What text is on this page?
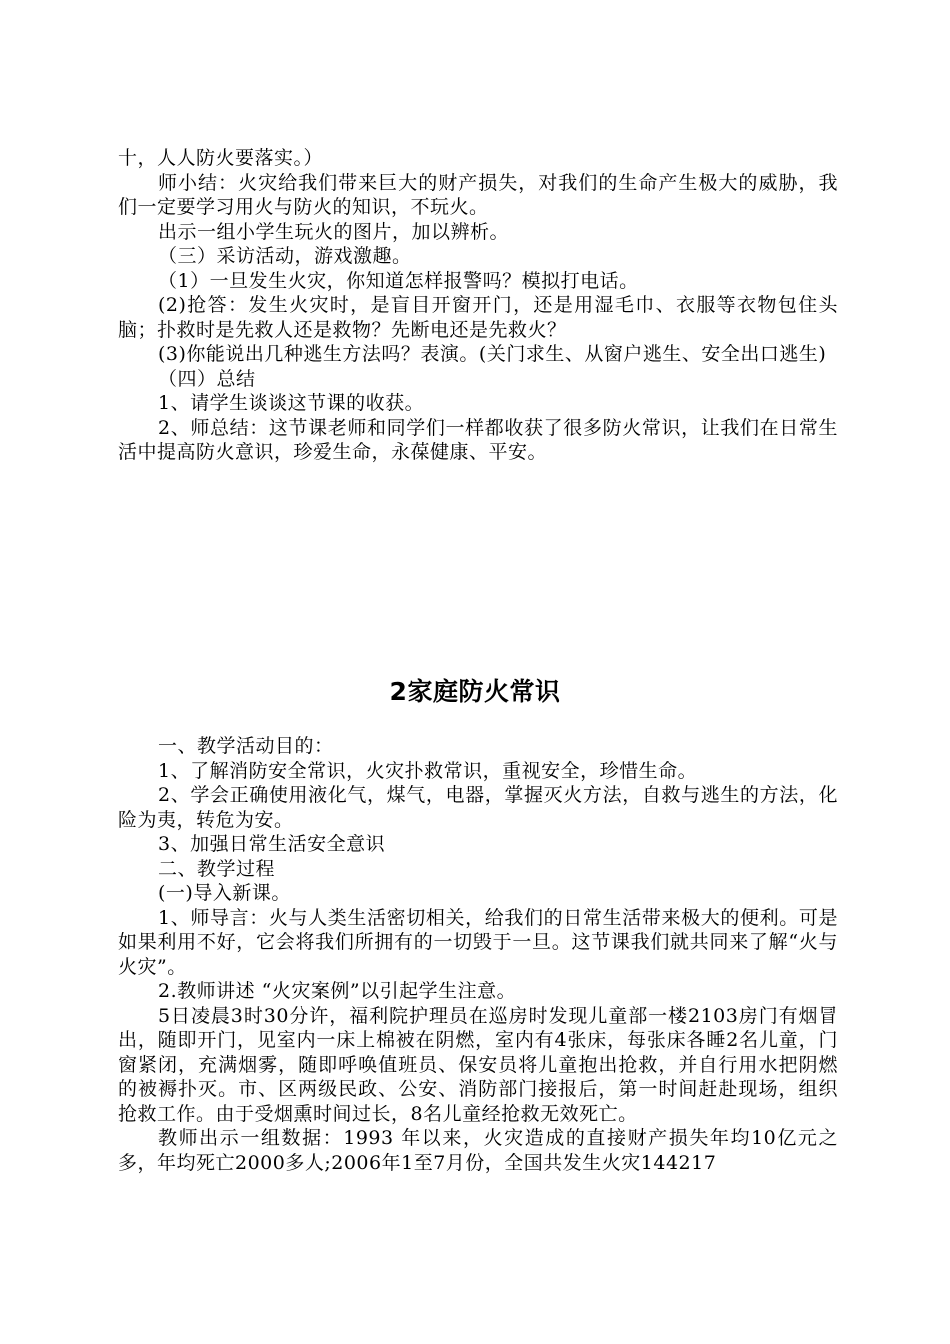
十，人人防火要落实。）

师小结：火灾给我们带来巨大的财产损失，对我们的生命产生极大的威胁，我们一定要学习用火与防火的知识，不玩火。

出示一组小学生玩火的图片，加以辨析。

（三）采访活动，游戏激趣。

（1）一旦发生火灾，你知道怎样报警吗？模拟打电话。

(2)抢答：发生火灾时，是盲目开窗开门，还是用湿毛巾、衣服等衣物包住头脑；扑救时是先救人还是救物？先断电还是先救火？

(3)你能说出几种逃生方法吗？表演。(关门求生、从窗户逃生、安全出口逃生)

（四）总结

1、请学生谈谈这节课的收获。

2、师总结：这节课老师和同学们一样都收获了很多防火常识，让我们在日常生活中提高防火意识，珍爱生命，永葆健康、平安。

2家庭防火常识

一、教学活动目的：

1、了解消防安全常识，火灾扑救常识，重视安全，珍惜生命。

2、学会正确使用液化气，煤气，电器，掌握灭火方法，自救与逃生的方法，化险为夷，转危为安。

3、加强日常生活安全意识

二、教学过程

(一)导入新课。

1、师导言：火与人类生活密切相关，给我们的日常生活带来极大的便利。可是如果利用不好，它会将我们所拥有的一切毁于一旦。这节课我们就共同来了解“火与火灾”。

2.教师讲述 “火灾案例”以引起学生注意。

5日凌晨3时30分许，福利院护理员在巡房时发现儿童部一楼2103房门有烟冒出，随即开门，见室内一床上棉被在阴燃，室内有4张床，每张床各睡2名儿童，门窗紧闭，充满烟雾，随即呼唤值班员、保安员将儿童抱出抢救，并自行用水把阴燃的被褥扑灭。市、区两级民政、公安、消防部门接报后，第一时间赶赴现场，组织抢救工作。由于受烟熏时间过长，8名儿童经抢救无效死亡。

教师出示一组数据：1993 年以来，火灾造成的直接财产损失年均10亿元之多，年均死亡2000多人;2006年1至7月份，全国共发生火灾144217
